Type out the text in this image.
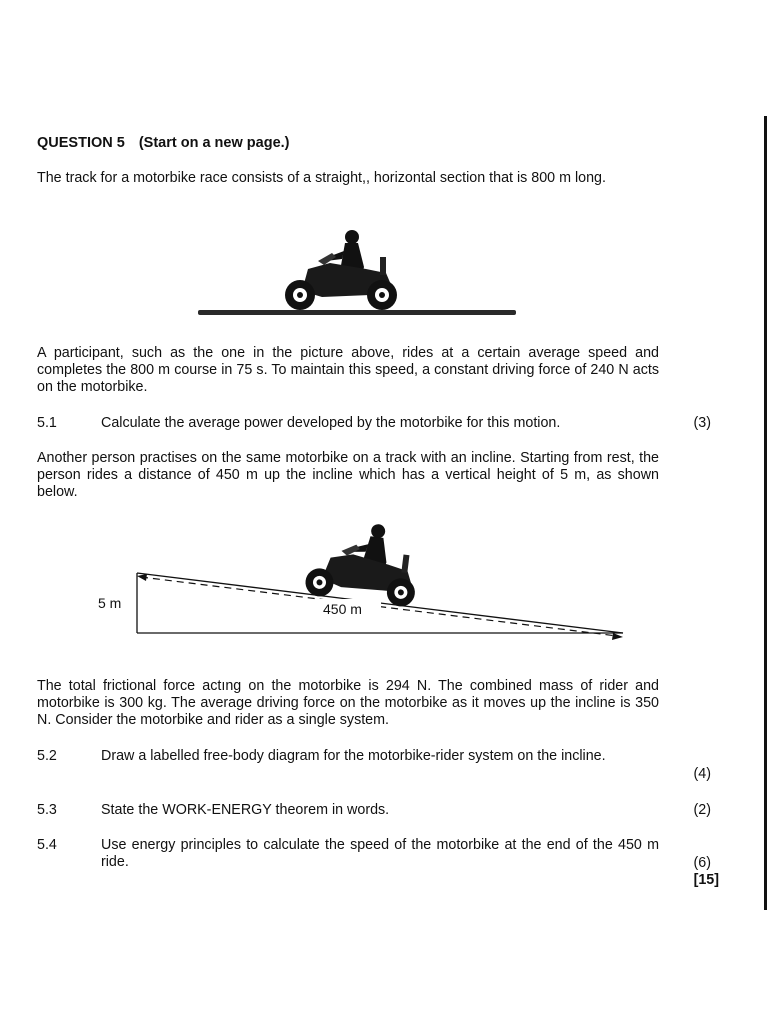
QUESTION 5 (Start on a new page.)
The track for a motorbike race consists of a straight,, horizontal section that is 800 m long.
A participant, such as the one in the picture above, rides at a certain average speed and completes the 800 m course in 75 s. To maintain this speed, a constant driving force of 240 N acts on the motorbike.
5.1	Calculate the average power developed by the motorbike for this motion.	(3)
Another person practises on the same motorbike on a track with an incline. Starting from rest, the person rides a distance of 450 m up the incline which has a vertical height of 5 m, as shown below.
5 m	450 m
The total frictional force actıng on the motorbike is 294 N. The combined mass of rider and motorbike is 300 kg. The average driving force on the motorbike as it moves up the incline is 350 N. Consider the motorbike and rider as a single system.
5.2	Draw a labelled free-body diagram for the motorbike-rider system on the incline.
(4)
5.3	State the WORK-ENERGY theorem in words.	(2)
5.4	Use energy principles to calculate the speed of the motorbike at the end of the 450 m ride.	(6)
[15]
